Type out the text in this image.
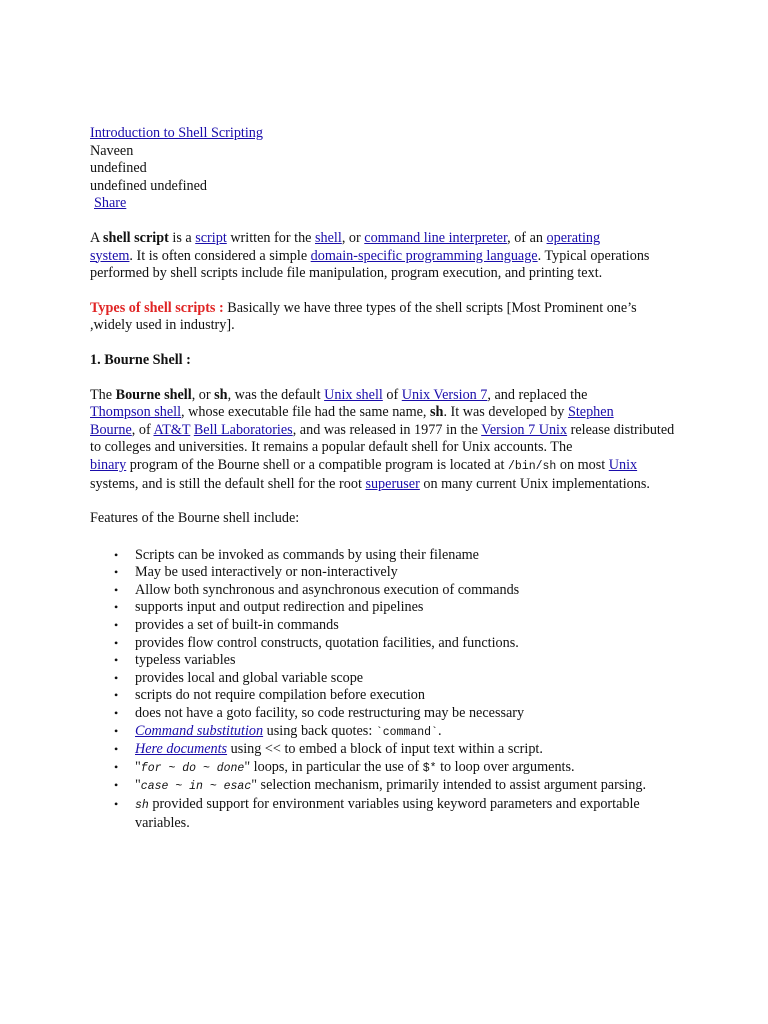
Introduction to Shell Scripting
Naveen
undefined
undefined undefined
Share

A shell script is a script written for the shell, or command line interpreter, of an operating
system. It is often considered a simple domain-specific programming language. Typical operations performed by shell scripts include file manipulation, program execution, and printing text.

Types of shell scripts : Basically we have three types of the shell scripts [Most Prominent one’s ,widely used in industry].

1. Bourne Shell :

The Bourne shell, or sh, was the default Unix shell of Unix Version 7, and replaced the
Thompson shell, whose executable file had the same name, sh. It was developed by Stephen
Bourne, of AT&T Bell Laboratories, and was released in 1977 in the Version 7 Unix release distributed to colleges and universities. It remains a popular default shell for Unix accounts. The
binary program of the Bourne shell or a compatible program is located at /bin/sh on most Unix
systems, and is still the default shell for the root superuser on many current Unix implementations.

Features of the Bourne shell include:

• Scripts can be invoked as commands by using their filename
• May be used interactively or non-interactively
• Allow both synchronous and asynchronous execution of commands
• supports input and output redirection and pipelines
• provides a set of built-in commands
• provides flow control constructs, quotation facilities, and functions.
• typeless variables
• provides local and global variable scope
• scripts do not require compilation before execution
• does not have a goto facility, so code restructuring may be necessary
• Command substitution using back quotes: `command`.
• Here documents using << to embed a block of input text within a script.
• "for ~ do ~ done" loops, in particular the use of $* to loop over arguments.
• "case ~ in ~ esac" selection mechanism, primarily intended to assist argument parsing.
• sh provided support for environment variables using keyword parameters and exportable variables.
